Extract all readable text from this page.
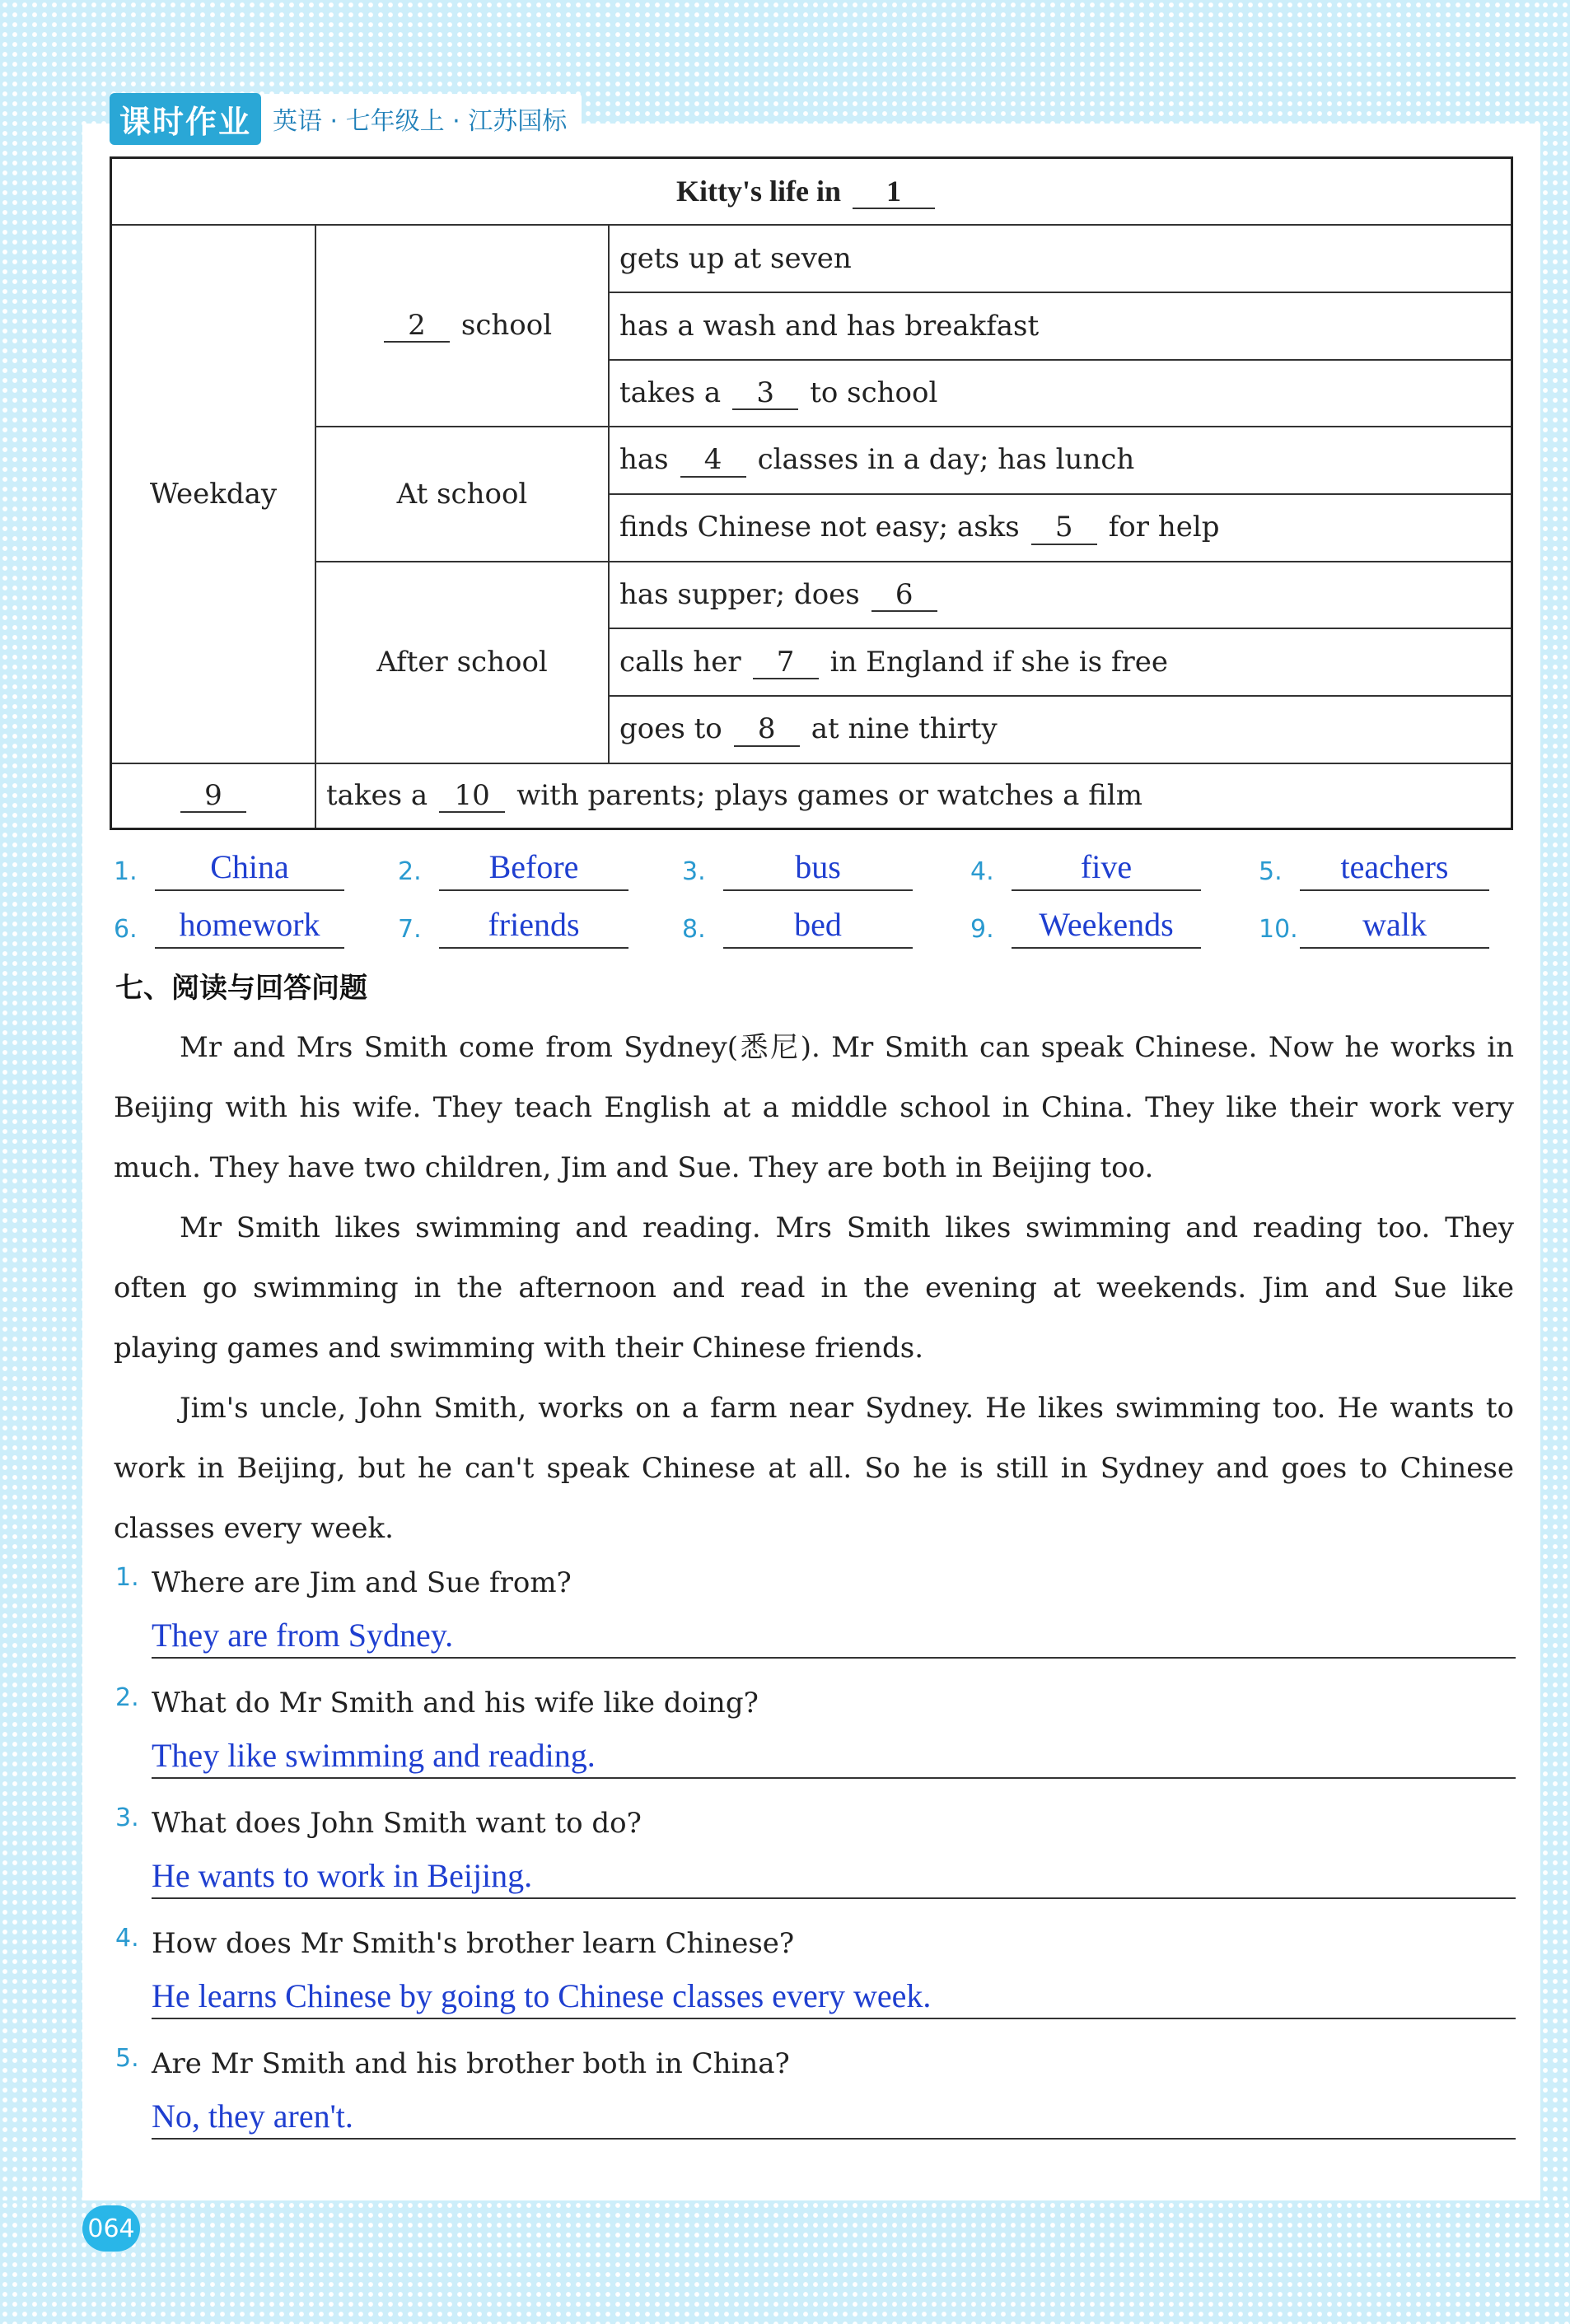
课时作业 英语 · 七年级上 · 江苏国标
Kitty's life in 1		
Weekday	2 school	gets up at seven
		has a wash and has breakfast
		takes a 3 to school
	At school	has 4 classes in a day; has lunch
		finds Chinese not easy; asks 5 for help
	After school	has supper; does 6
		calls her 7 in England if she is free
		goes to 8 at nine thirty
9	takes a 10 with parents; plays games or watches a film	
1.	China	2.	Before	3.	bus	4.	five	5.	teachers
6.	homework	7.	friends	8.	bed	9.	Weekends	10.	walk
七、阅读与回答问题

Mr and Mrs Smith come from Sydney(悉尼). Mr Smith can speak Chinese. Now he works in Beijing with his wife. They teach English at a middle school in China. They like their work very much. They have two children, Jim and Sue. They are both in Beijing too.

Mr Smith likes swimming and reading. Mrs Smith likes swimming and reading too. They often go swimming in the afternoon and read in the evening at weekends. Jim and Sue like playing games and swimming with their Chinese friends.

Jim's uncle, John Smith, works on a farm near Sydney. He likes swimming too. He wants to work in Beijing, but he can't speak Chinese at all. So he is still in Sydney and goes to Chinese classes every week.

1. Where are Jim and Sue from?
They are from Sydney.
2. What do Mr Smith and his wife like doing?
They like swimming and reading.
3. What does John Smith want to do?
He wants to work in Beijing.
4. How does Mr Smith's brother learn Chinese?
He learns Chinese by going to Chinese classes every week.
5. Are Mr Smith and his brother both in China?
No, they aren't.
064
